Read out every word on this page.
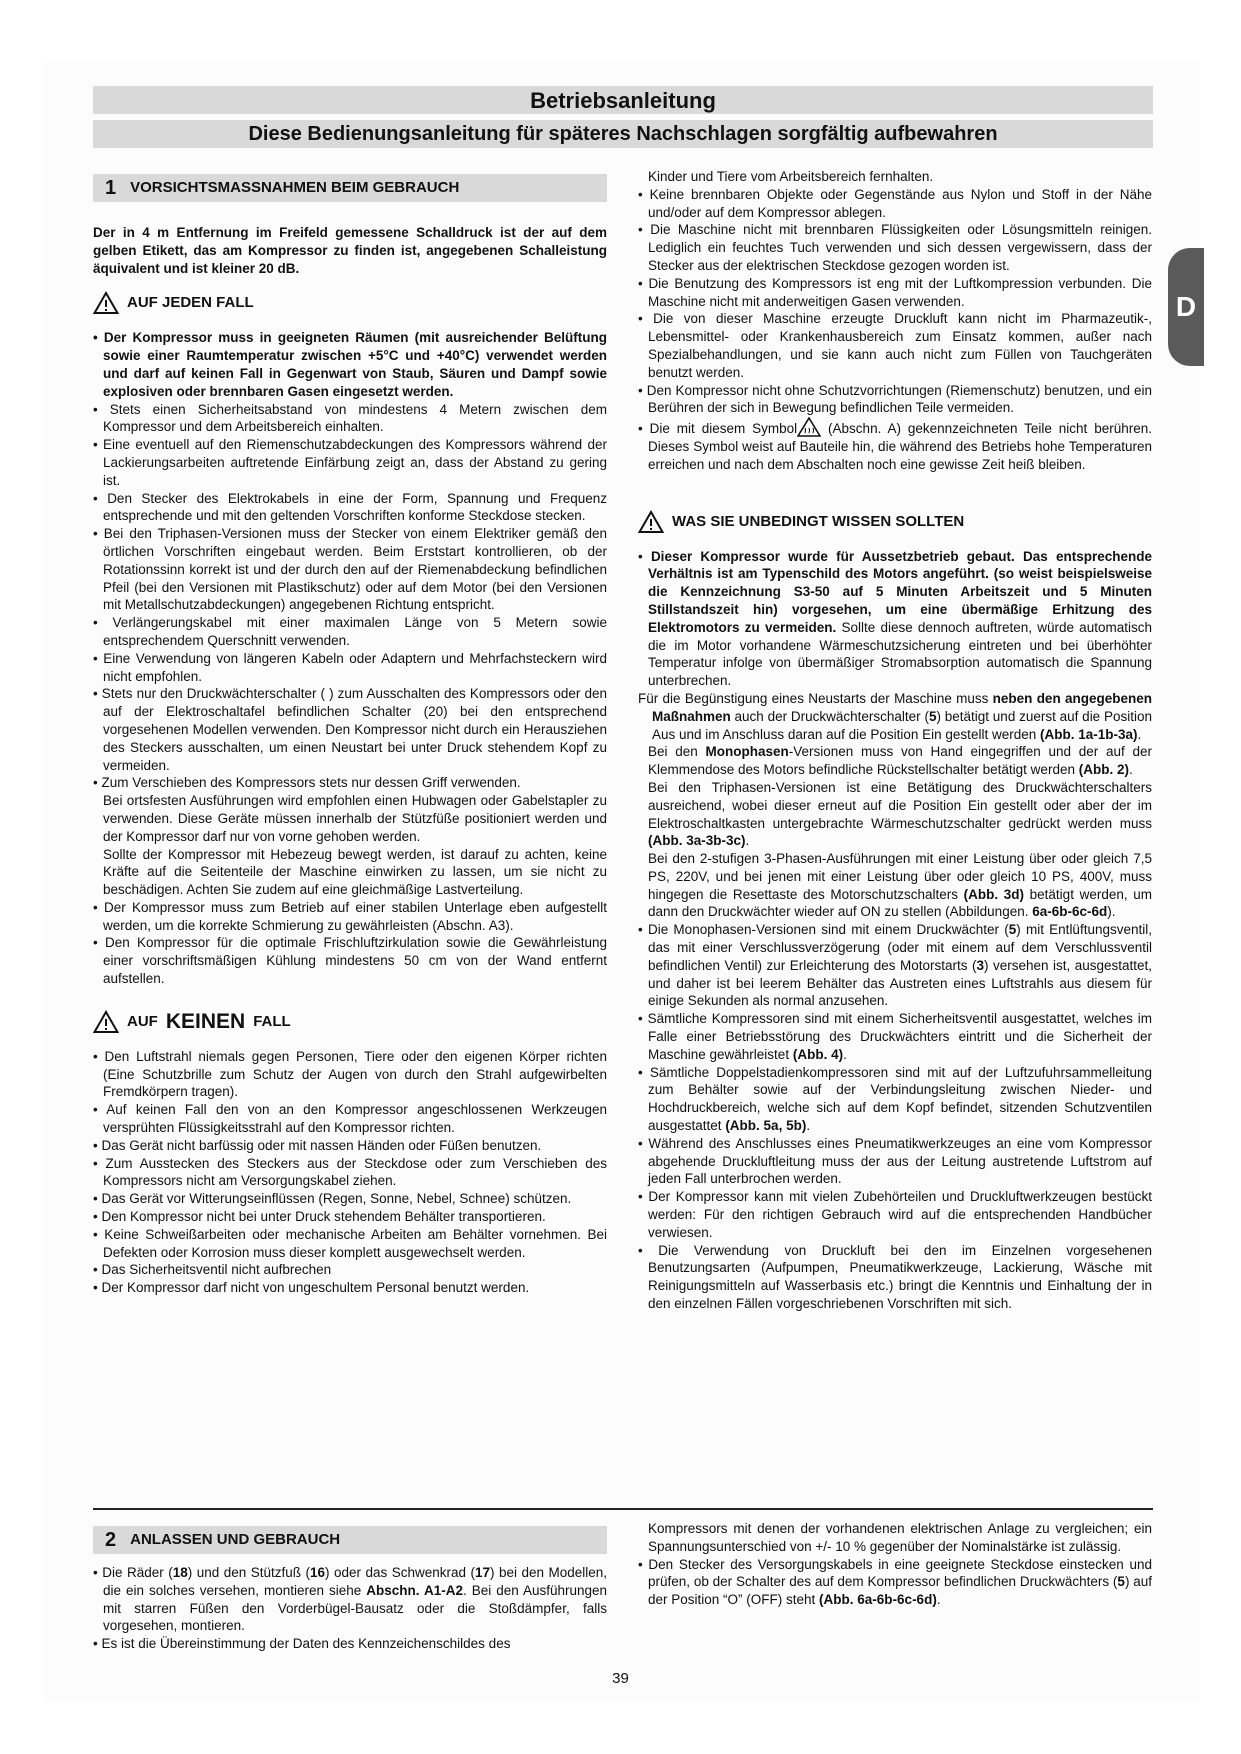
Betriebsanleitung
Diese Bedienungsanleitung für späteres Nachschlagen sorgfältig aufbewahren
D
1 VORSICHTSMASSNAHMEN BEIM GEBRAUCH

Der in 4 m Entfernung im Freifeld gemessene Schalldruck ist der auf dem gelben Etikett, das am Kompressor zu finden ist, angegebenen Schalleistung äquivalent und ist kleiner 20 dB.

AUF JEDEN FALL

• Der Kompressor muss in geeigneten Räumen (mit ausreichender Belüftung sowie einer Raumtemperatur zwischen +5°C und +40°C) verwendet werden und darf auf keinen Fall in Gegenwart von Staub, Säuren und Dampf sowie explosiven oder brennbaren Gasen eingesetzt werden.

• Stets einen Sicherheitsabstand von mindestens 4 Metern zwischen dem Kompressor und dem Arbeitsbereich einhalten.

• Eine eventuell auf den Riemenschutzabdeckungen des Kompressors während der Lackierungsarbeiten auftretende Einfärbung zeigt an, dass der Abstand zu gering ist.

• Den Stecker des Elektrokabels in eine der Form, Spannung und Frequenz entsprechende und mit den geltenden Vorschriften konforme Steckdose stecken.

• Bei den Triphasen-Versionen muss der Stecker von einem Elektriker gemäß den örtlichen Vorschriften eingebaut werden. Beim Erststart kontrollieren, ob der Rotationssinn korrekt ist und der durch den auf der Riemenabdeckung befindlichen Pfeil (bei den Versionen mit Plastikschutz) oder auf dem Motor (bei den Versionen mit Metallschutzabdeckungen) angegebenen Richtung entspricht.

• Verlängerungskabel mit einer maximalen Länge von 5 Metern sowie entsprechendem Querschnitt verwenden.

• Eine Verwendung von längeren Kabeln oder Adaptern und Mehrfachsteckern wird nicht empfohlen.

• Stets nur den Druckwächterschalter ( ) zum Ausschalten des Kompressors oder den auf der Elektroschaltafel befindlichen Schalter (20) bei den entsprechend vorgesehenen Modellen verwenden. Den Kompressor nicht durch ein Herausziehen des Steckers ausschalten, um einen Neustart bei unter Druck stehendem Kopf zu vermeiden.

• Zum Verschieben des Kompressors stets nur dessen Griff verwenden.

Bei ortsfesten Ausführungen wird empfohlen einen Hubwagen oder Gabelstapler zu verwenden. Diese Geräte müssen innerhalb der Stützfüße positioniert werden und der Kompressor darf nur von vorne gehoben werden.

Sollte der Kompressor mit Hebezeug bewegt werden, ist darauf zu achten, keine Kräfte auf die Seitenteile der Maschine einwirken zu lassen, um sie nicht zu beschädigen. Achten Sie zudem auf eine gleichmäßige Lastverteilung.

• Der Kompressor muss zum Betrieb auf einer stabilen Unterlage eben aufgestellt werden, um die korrekte Schmierung zu gewährleisten (Abschn. A3).

• Den Kompressor für die optimale Frischluftzirkulation sowie die Gewährleistung einer vorschriftsmäßigen Kühlung mindestens 50 cm von der Wand entfernt aufstellen.

AUF KEINEN FALL

• Den Luftstrahl niemals gegen Personen, Tiere oder den eigenen Körper richten (Eine Schutzbrille zum Schutz der Augen von durch den Strahl aufgewirbelten Fremdkörpern tragen).

• Auf keinen Fall den von an den Kompressor angeschlossenen Werkzeugen versprühten Flüssigkeitsstrahl auf den Kompressor richten.

• Das Gerät nicht barfüssig oder mit nassen Händen oder Füßen benutzen.

• Zum Ausstecken des Steckers aus der Steckdose oder zum Verschieben des Kompressors nicht am Versorgungskabel ziehen.

• Das Gerät vor Witterungseinflüssen (Regen, Sonne, Nebel, Schnee) schützen.

• Den Kompressor nicht bei unter Druck stehendem Behälter transportieren.

• Keine Schweißarbeiten oder mechanische Arbeiten am Behälter vornehmen. Bei Defekten oder Korrosion muss dieser komplett ausgewechselt werden.

• Das Sicherheitsventil nicht aufbrechen

• Der Kompressor darf nicht von ungeschultem Personal benutzt werden.

Kinder und Tiere vom Arbeitsbereich fernhalten.

• Keine brennbaren Objekte oder Gegenstände aus Nylon und Stoff in der Nähe und/oder auf dem Kompressor ablegen.

• Die Maschine nicht mit brennbaren Flüssigkeiten oder Lösungsmitteln reinigen. Lediglich ein feuchtes Tuch verwenden und sich dessen vergewissern, dass der Stecker aus der elektrischen Steckdose gezogen worden ist.

• Die Benutzung des Kompressors ist eng mit der Luftkompression verbunden. Die Maschine nicht mit anderweitigen Gasen verwenden.

• Die von dieser Maschine erzeugte Druckluft kann nicht im Pharmazeutik-, Lebensmittel- oder Krankenhausbereich zum Einsatz kommen, außer nach Spezialbehandlungen, und sie kann auch nicht zum Füllen von Tauchgeräten benutzt werden.

• Den Kompressor nicht ohne Schutzvorrichtungen (Riemenschutz) benutzen, und ein Berühren der sich in Bewegung befindlichen Teile vermeiden.

• Die mit diesem Symbol (Abschn. A) gekennzeichneten Teile nicht berühren. Dieses Symbol weist auf Bauteile hin, die während des Betriebs hohe Temperaturen erreichen und nach dem Abschalten noch eine gewisse Zeit heiß bleiben.

WAS SIE UNBEDINGT WISSEN SOLLTEN

• Dieser Kompressor wurde für Aussetzbetrieb gebaut. Das entsprechende Verhältnis ist am Typenschild des Motors angeführt. (so weist beispielsweise die Kennzeichnung S3-50 auf 5 Minuten Arbeitszeit und 5 Minuten Stillstandszeit hin) vorgesehen, um eine übermäßige Erhitzung des Elektromotors zu vermeiden. Sollte diese dennoch auftreten, würde automatisch die im Motor vorhandene Wärmeschutzsicherung eintreten und bei überhöhter Temperatur infolge von übermäßiger Stromabsorption automatisch die Spannung unterbrechen.

Für die Begünstigung eines Neustarts der Maschine muss neben den angegebenen Maßnahmen auch der Druckwächterschalter (5) betätigt und zuerst auf die Position Aus und im Anschluss daran auf die Position Ein gestellt werden (Abb. 1a-1b-3a).

Bei den Monophasen-Versionen muss von Hand eingegriffen und der auf der Klemmendose des Motors befindliche Rückstellschalter betätigt werden (Abb. 2).

Bei den Triphasen-Versionen ist eine Betätigung des Druckwächterschalters ausreichend, wobei dieser erneut auf die Position Ein gestellt oder aber der im Elektroschaltkasten untergebrachte Wärmeschutzschalter gedrückt werden muss (Abb. 3a-3b-3c).

Bei den 2-stufigen 3-Phasen-Ausführungen mit einer Leistung über oder gleich 7,5 PS, 220V, und bei jenen mit einer Leistung über oder gleich 10 PS, 400V, muss hingegen die Resettaste des Motorschutzschalters (Abb. 3d) betätigt werden, um dann den Druckwächter wieder auf ON zu stellen (Abbildungen. 6a-6b-6c-6d).

• Die Monophasen-Versionen sind mit einem Druckwächter (5) mit Entlüftungsventil, das mit einer Verschlussverzögerung (oder mit einem auf dem Verschlussventil befindlichen Ventil) zur Erleichterung des Motorstarts (3) versehen ist, ausgestattet, und daher ist bei leerem Behälter das Austreten eines Luftstrahls aus diesem für einige Sekunden als normal anzusehen.

• Sämtliche Kompressoren sind mit einem Sicherheitsventil ausgestattet, welches im Falle einer Betriebsstörung des Druckwächters eintritt und die Sicherheit der Maschine gewährleistet (Abb. 4).

• Sämtliche Doppelstadienkompressoren sind mit auf der Luftzufuhrsammelleitung zum Behälter sowie auf der Verbindungsleitung zwischen Nieder- und Hochdruckbereich, welche sich auf dem Kopf befindet, sitzenden Schutzventilen ausgestattet (Abb. 5a, 5b).

• Während des Anschlusses eines Pneumatikwerkzeuges an eine vom Kompressor abgehende Druckluftleitung muss der aus der Leitung austretende Luftstrom auf jeden Fall unterbrochen werden.

• Der Kompressor kann mit vielen Zubehörteilen und Druckluftwerkzeugen bestückt werden: Für den richtigen Gebrauch wird auf die entsprechenden Handbücher verwiesen.

• Die Verwendung von Druckluft bei den im Einzelnen vorgesehenen Benutzungsarten (Aufpumpen, Pneumatikwerkzeuge, Lackierung, Wäsche mit Reinigungsmitteln auf Wasserbasis etc.) bringt die Kenntnis und Einhaltung der in den einzelnen Fällen vorgeschriebenen Vorschriften mit sich.

2 ANLASSEN UND GEBRAUCH

• Die Räder (18) und den Stützfuß (16) oder das Schwenkrad (17) bei den Modellen, die ein solches versehen, montieren siehe Abschn. A1-A2. Bei den Ausführungen mit starren Füßen den Vorderbügel-Bausatz oder die Stoßdämpfer, falls vorgesehen, montieren.

• Es ist die Übereinstimmung der Daten des Kennzeichenschildes des

Kompressors mit denen der vorhandenen elektrischen Anlage zu vergleichen; ein Spannungsunterschied von +/- 10 % gegenüber der Nominalstärke ist zulässig.

• Den Stecker des Versorgungskabels in eine geeignete Steckdose einstecken und prüfen, ob der Schalter des auf dem Kompressor befindlichen Druckwächters (5) auf der Position “O” (OFF) steht (Abb. 6a-6b-6c-6d).

39
